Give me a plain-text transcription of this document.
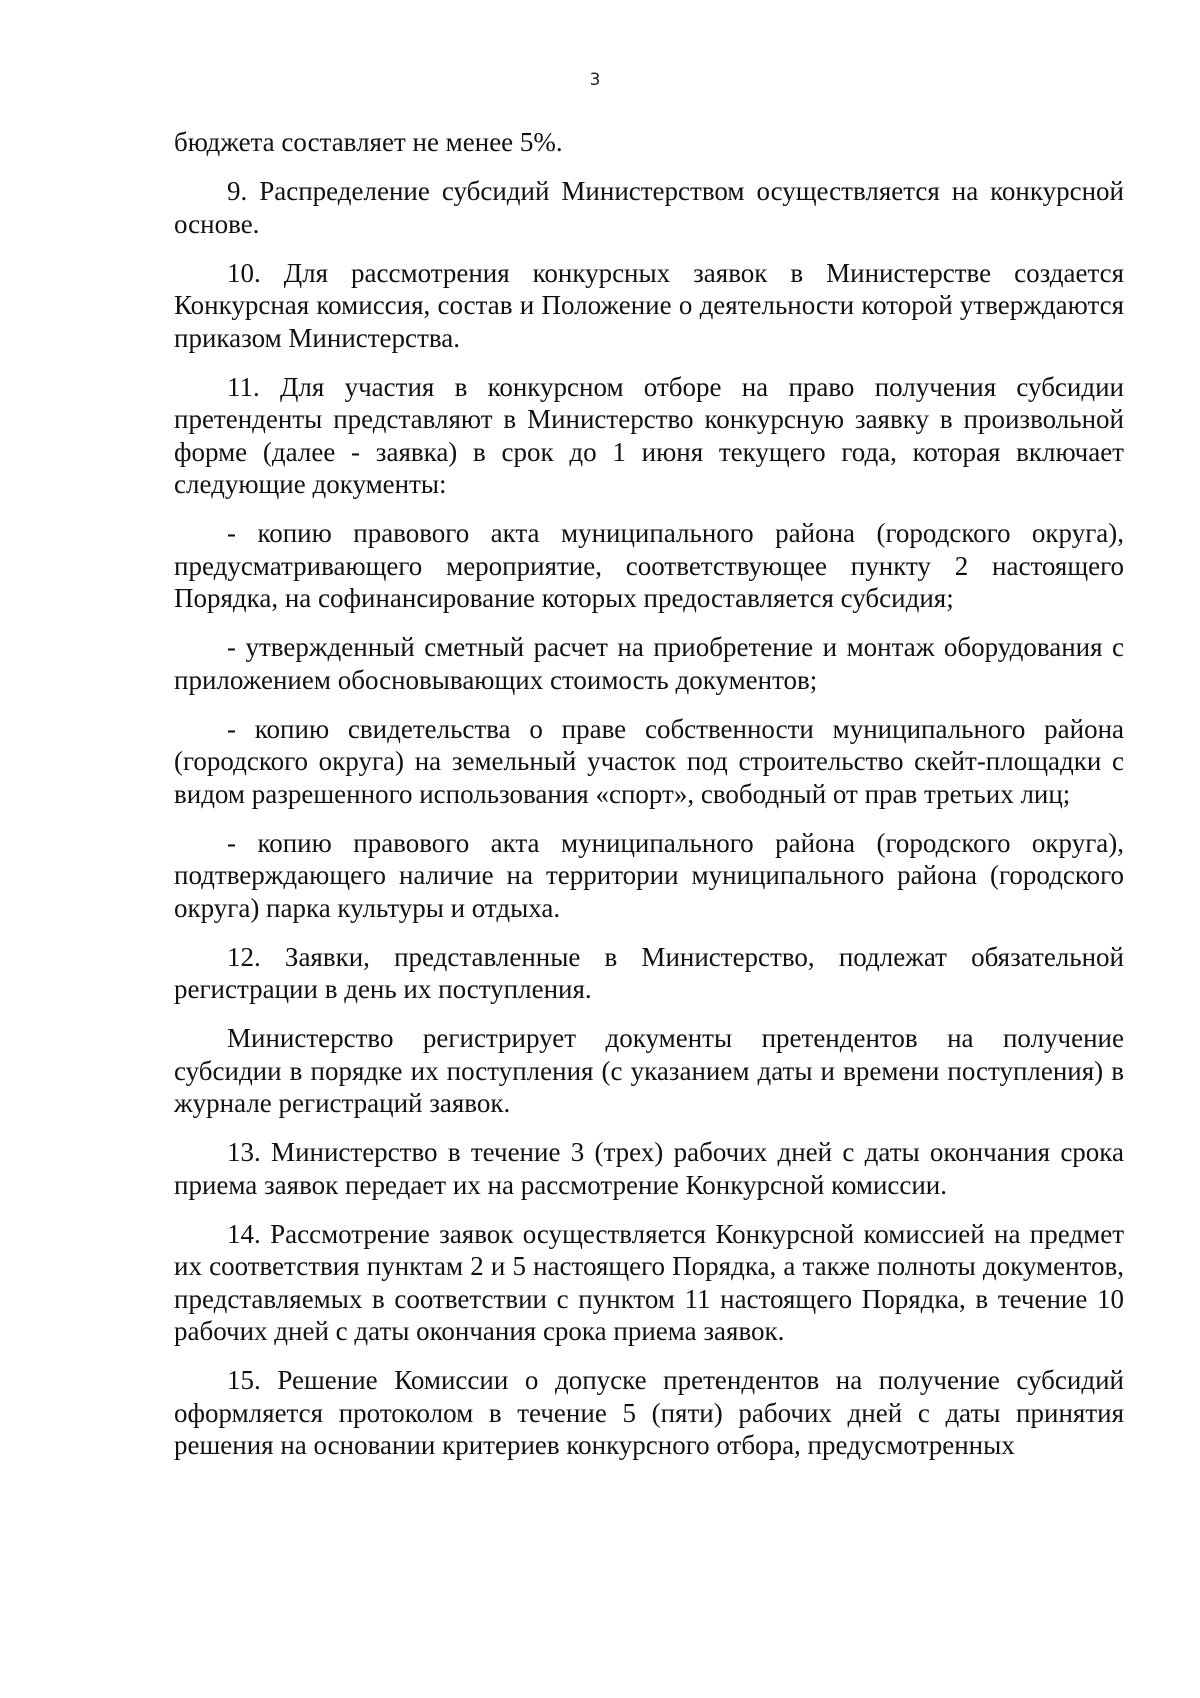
3

бюджета составляет не менее 5%.

9. Распределение субсидий Министерством осуществляется на конкурсной основе.

10. Для рассмотрения конкурсных заявок в Министерстве создается Конкурсная комиссия, состав и Положение о деятельности которой утверждаются приказом Министерства.

11. Для участия в конкурсном отборе на право получения субсидии претенденты представляют в Министерство конкурсную заявку в произвольной форме (далее - заявка) в срок до 1 июня текущего года, которая включает следующие документы:

- копию правового акта муниципального района (городского округа), предусматривающего мероприятие, соответствующее пункту 2 настоящего Порядка, на софинансирование которых предоставляется субсидия;

- утвержденный сметный расчет на приобретение и монтаж оборудования с приложением обосновывающих стоимость документов;

- копию свидетельства о праве собственности муниципального района (городского округа) на земельный участок под строительство скейт-площадки с видом разрешенного использования «спорт», свободный от прав третьих лиц;

- копию правового акта муниципального района (городского округа), подтверждающего наличие на территории муниципального района (городского округа) парка культуры и отдыха.

12. Заявки, представленные в Министерство, подлежат обязательной регистрации в день их поступления.

Министерство регистрирует документы претендентов на получение субсидии в порядке их поступления (с указанием даты и времени поступления) в журнале регистраций заявок.

13. Министерство в течение 3 (трех) рабочих дней с даты окончания срока приема заявок передает их на рассмотрение Конкурсной комиссии.

14. Рассмотрение заявок осуществляется Конкурсной комиссией на предмет их соответствия пунктам 2 и 5 настоящего Порядка, а также полноты документов, представляемых в соответствии с пунктом 11 настоящего Порядка, в течение 10 рабочих дней с даты окончания срока приема заявок.

15. Решение Комиссии о допуске претендентов на получение субсидий оформляется протоколом в течение 5 (пяти) рабочих дней с даты принятия решения на основании критериев конкурсного отбора, предусмотренных
